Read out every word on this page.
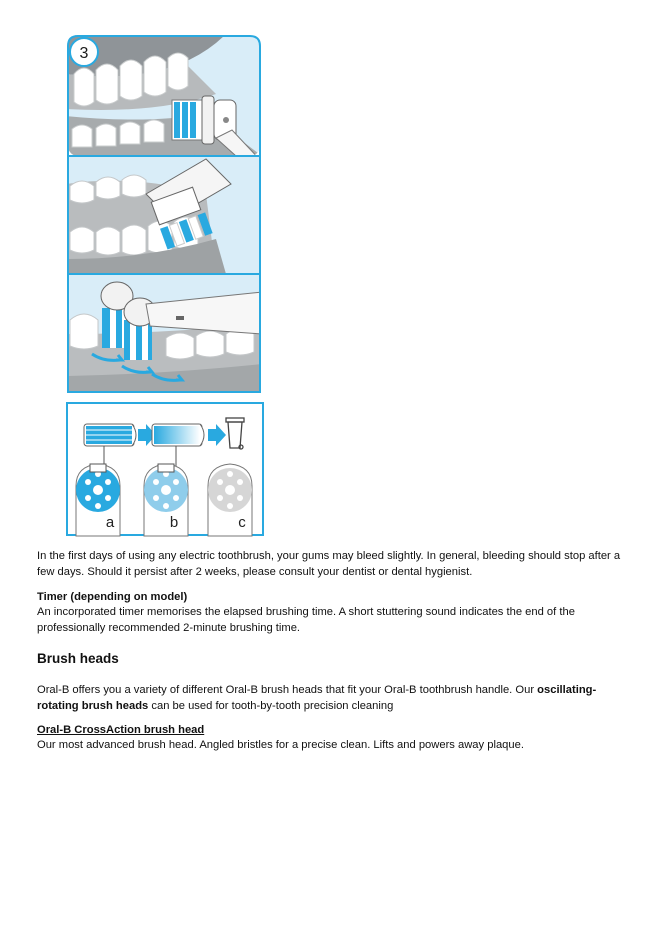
3
a	b	c

In the first days of using any electric toothbrush, your gums may bleed slightly. In general, bleeding should stop after a few days. Should it persist after 2 weeks, please consult your dentist or dental hygienist.

Timer (depending on model)

An incorporated timer memorises the elapsed brushing time. A short stuttering sound indicates the end of the professionally recommended 2-minute brushing time.

Brush heads

Oral-B offers you a variety of different Oral-B brush heads that fit your Oral-B toothbrush handle. Our oscillating-rotating brush heads can be used for tooth-by-tooth precision cleaning

Oral-B CrossAction brush head

Our most advanced brush head. Angled bristles for a precise clean. Lifts and powers away plaque.
